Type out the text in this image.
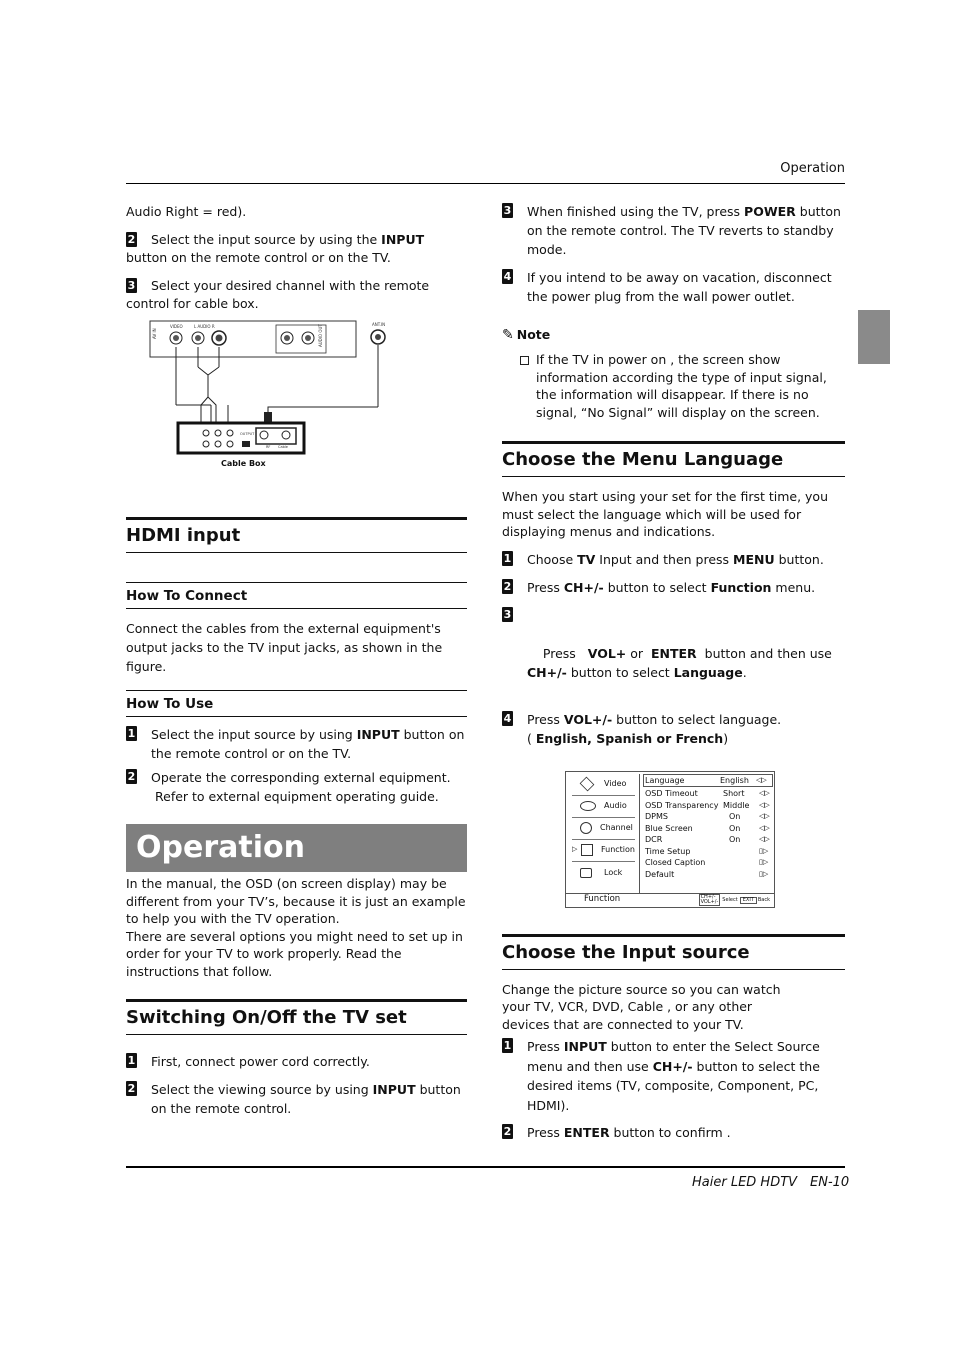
Operation

Audio Right = red).

2 Select the input source by using the INPUT button on the remote control or on the TV.
3 Select your desired channel with the remote control for cable box.
AV IN
VIDEO	L AUDIO R	AUDIO OUT	ANT.IN
OUTPUT
RF Cable
Cable Box
HDMI input
How To Connect

Connect the cables from the external equipment's output jacks to the TV input jacks, as shown in the figure.

How To Use
1 Select the input source by using INPUT button on the remote control or on the TV.
2 Operate the corresponding external equipment.
Refer to external equipment operating guide.
Operation

In the manual, the OSD (on screen display) may be different from your TV’s, because it is just an example to help you with the TV operation.

There are several options you might need to set up in order for your TV to work properly. Read the instructions that follow.

Switching On/Off the TV set
1 First, connect power cord correctly.
2 Select the viewing source by using INPUT button on the remote control.
3 When finished using the TV, press POWER button on the remote control. The TV reverts to standby mode.
4 If you intend to be away on vacation, disconnect the power plug from the wall power outlet.
✎ Note
If the TV in power on , the screen show information according the type of input signal, the information will disappear. If there is no signal, “No Signal” will display on the screen.
Choose the Menu Language

When you start using your set for the first time, you must select the language which will be used for displaying menus and indications.

1 Choose TV Input and then press MENU button.
2 Press CH+/- button to select Function menu.

3

Press   VOL+ or  ENTER  button and then use CH+/- button to select Language.

4 Press VOL+/- button to select language.
( English, Spanish or French)
Video
Audio
Channel
▷	Function
Lock
Language	English	◁▷
OSD Timeout	Short	◁▷
OSD Transparency Middle	◁▷
DPMS	On	◁▷
Blue Screen	On	◁▷
DCR	On	◁▷
Time Setup	▯▷
Closed Caption	▯▷
Default	▯▷
Function	CH+/-
VOL+/- Select	EXIT Back
Choose the Input source

Change the picture source so you can watch your TV, VCR, DVD, Cable , or any other devices that are connected to your TV.

1 Press INPUT button to enter the Select Source menu and then use CH+/- button to select the desired items (TV, composite, Component, PC, HDMI).
2 Press ENTER button to confirm .
Haier LED HDTV EN-10
